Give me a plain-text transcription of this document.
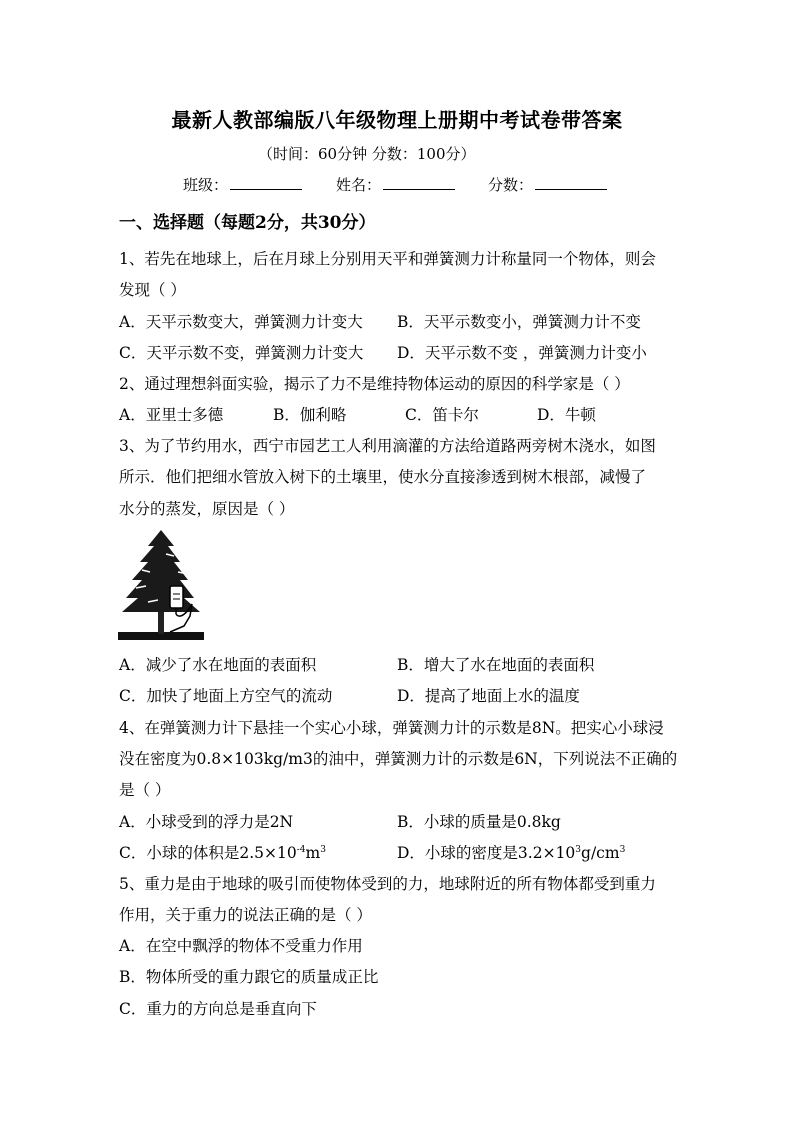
最新人教部编版八年级物理上册期中考试卷带答案
（时间：60分钟 分数：100分）
班级：	姓名：	分数：
一、选择题（每题2分，共30分）
1、若先在地球上，后在月球上分别用天平和弹簧测力计称量同一个物体，则会
发现（ ）
A．天平示数变大，弹簧测力计变大 B．天平示数变小，弹簧测力计不变
C．天平示数不变，弹簧测力计变大 D．天平示数不变 ，弹簧测力计变小
2、通过理想斜面实验，揭示了力不是维持物体运动的原因的科学家是（ ）
A．亚里士多德	B．伽利略	C．笛卡尔	D．牛顿
3、为了节约用水，西宁市园艺工人利用滴灌的方法给道路两旁树木浇水，如图
所示．他们把细水管放入树下的土壤里，使水分直接渗透到树木根部，减慢了
水分的蒸发，原因是（ ）
A．减少了水在地面的表面积	B．增大了水在地面的表面积
C．加快了地面上方空气的流动	D．提高了地面上水的温度
4、在弹簧测力计下悬挂一个实心小球，弹簧测力计的示数是8N。把实心小球浸
没在密度为0.8×103kg/m3的油中，弹簧测力计的示数是6N，下列说法不正确的
是（ ）
A．小球受到的浮力是2N	B．小球的质量是0.8kg
C．小球的体积是$2.5\times 10^{-4}m^3$	D．小球的密度是$3.2\times 10^3g/cm^3$
5、重力是由于地球的吸引而使物体受到的力，地球附近的所有物体都受到重力
作用，关于重力的说法正确的是（ ）
A．在空中飘浮的物体不受重力作用
B．物体所受的重力跟它的质量成正比
C．重力的方向总是垂直向下
